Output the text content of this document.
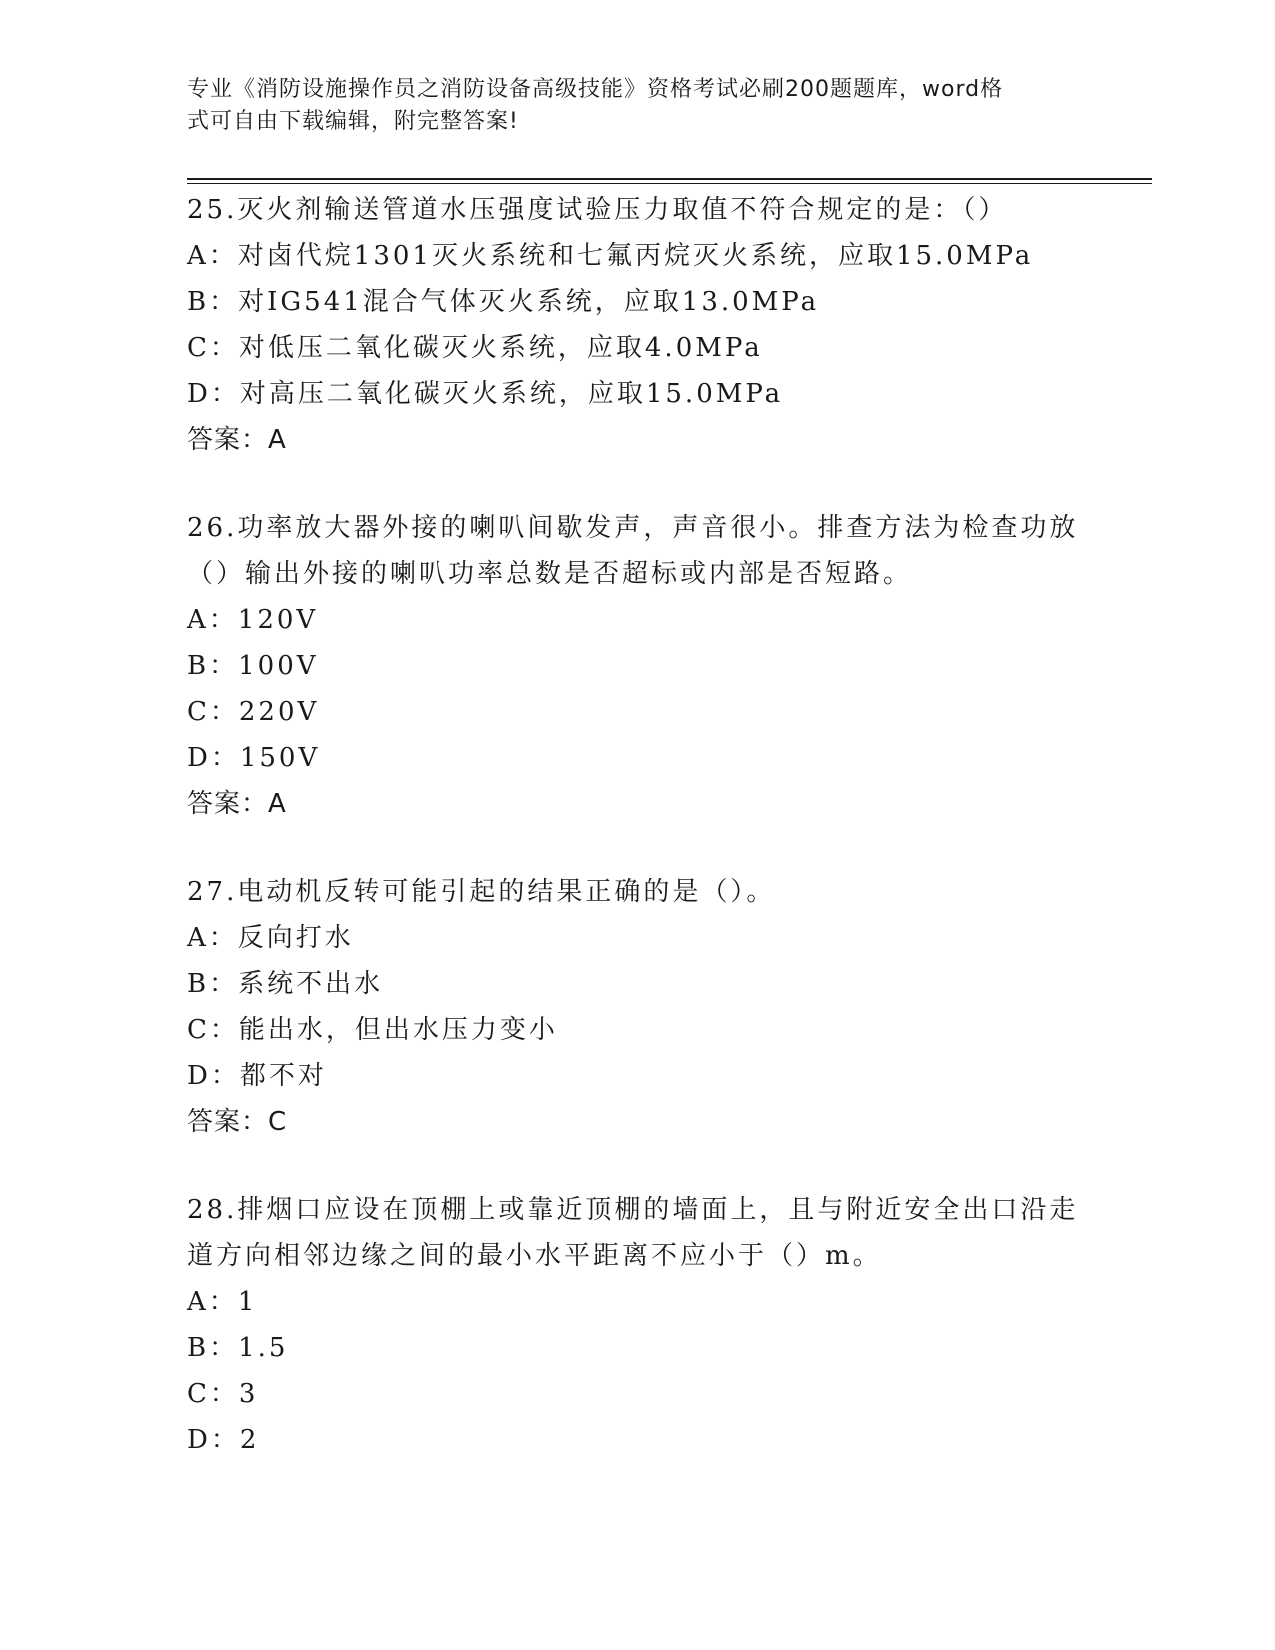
专业《消防设施操作员之消防设备高级技能》资格考试必刷200题题库，word格
式可自由下载编辑，附完整答案!
25.灭火剂输送管道水压强度试验压力取值不符合规定的是：（）
A：对卤代烷1301灭火系统和七氟丙烷灭火系统，应取15.0MPa
B：对IG541混合气体灭火系统，应取13.0MPa
C：对低压二氧化碳灭火系统，应取4.0MPa
D：对高压二氧化碳灭火系统，应取15.0MPa
答案：A
26.功率放大器外接的喇叭间歇发声，声音很小。排查方法为检查功放
（）输出外接的喇叭功率总数是否超标或内部是否短路。
A：120V
B：100V
C：220V
D：150V
答案：A
27.电动机反转可能引起的结果正确的是（）。
A：反向打水
B：系统不出水
C：能出水，但出水压力变小
D：都不对
答案：C
28.排烟口应设在顶棚上或靠近顶棚的墙面上，且与附近安全出口沿走
道方向相邻边缘之间的最小水平距离不应小于（）m。
A：1
B：1.5
C：3
D：2
